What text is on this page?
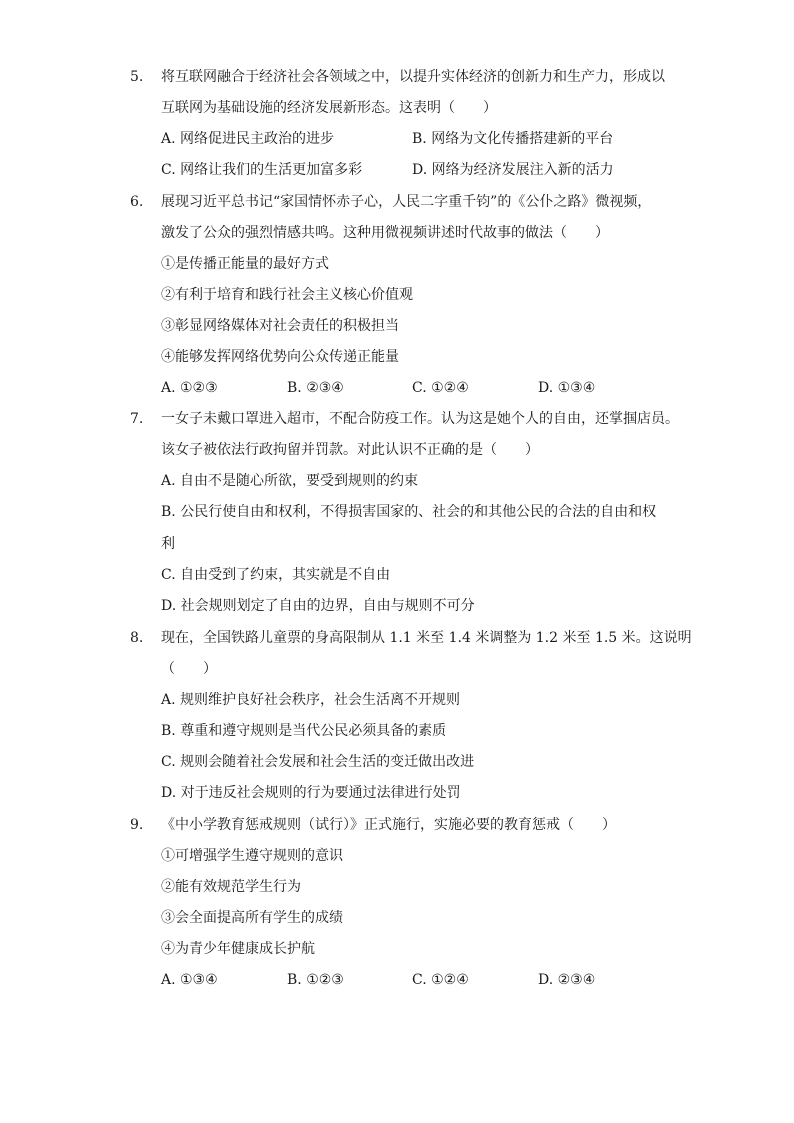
5.	将互联网融合于经济社会各领域之中，以提升实体经济的创新力和生产力，形成以
互联网为基础设施的经济发展新形态。这表明（　　）
A. 网络促进民主政治的进步	B. 网络为文化传播搭建新的平台
C. 网络让我们的生活更加富多彩	D. 网络为经济发展注入新的活力
6.	展现习近平总书记“家国情怀赤子心，人民二字重千钧”的《公仆之路》微视频，
激发了公众的强烈情感共鸣。这种用微视频讲述时代故事的做法（　　）
①是传播正能量的最好方式
②有利于培育和践行社会主义核心价值观
③彰显网络媒体对社会责任的积极担当
④能够发挥网络优势向公众传递正能量
A. ①②③	B. ②③④	C. ①②④	D. ①③④
7.	一女子未戴口罩进入超市，不配合防疫工作。认为这是她个人的自由，还掌掴店员。
该女子被依法行政拘留并罚款。对此认识不正确的是（　　）
A. 自由不是随心所欲，要受到规则的约束
B. 公民行使自由和权利，不得损害国家的、社会的和其他公民的合法的自由和权
利
C. 自由受到了约束，其实就是不自由
D. 社会规则划定了自由的边界，自由与规则不可分
8.	现在，全国铁路儿童票的身高限制从 1.1 米至 1.4 米调整为 1.2 米至 1.5 米。这说明
（　　）
A. 规则维护良好社会秩序，社会生活离不开规则
B. 尊重和遵守规则是当代公民必须具备的素质
C. 规则会随着社会发展和社会生活的变迁做出改进
D. 对于违反社会规则的行为要通过法律进行处罚
9.	《中小学教育惩戒规则（试行）》正式施行，实施必要的教育惩戒（　　）
①可增强学生遵守规则的意识
②能有效规范学生行为
③会全面提高所有学生的成绩
④为青少年健康成长护航
A. ①③④	B. ①②③	C. ①②④	D. ②③④
